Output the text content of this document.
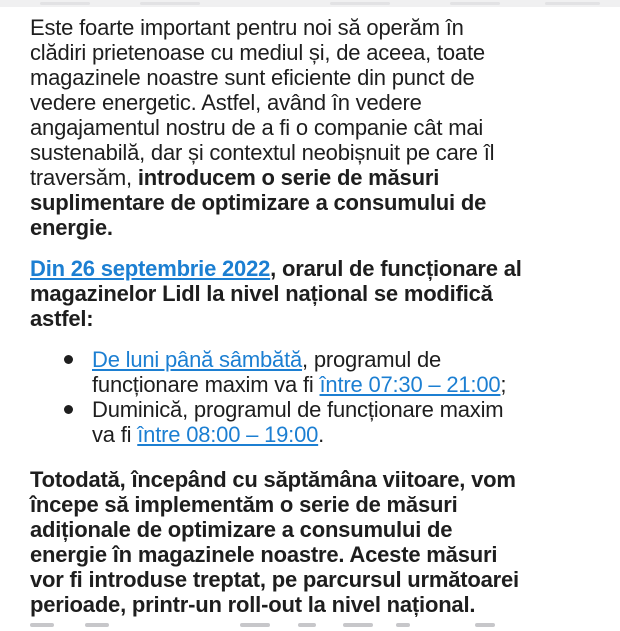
Este foarte important pentru noi să operăm în
clădiri prietenoase cu mediul și, de aceea, toate
magazinele noastre sunt eficiente din punct de
vedere energetic. Astfel, având în vedere
angajamentul nostru de a fi o companie cât mai
sustenabilă, dar și contextul neobișnuit pe care îl
traversăm, introducem o serie de măsuri
suplimentare de optimizare a consumului de
energie.

Din 26 septembrie 2022, orarul de funcționare al
magazinelor Lidl la nivel național se modifică
astfel:

De luni până sâmbătă, programul de
funcționare maxim va fi între 07:30 – 21:00;
Duminică, programul de funcționare maxim
va fi între 08:00 – 19:00.

Totodată, începând cu săptămâna viitoare, vom
începe să implementăm o serie de măsuri
adiționale de optimizare a consumului de
energie în magazinele noastre. Aceste măsuri
vor fi introduse treptat, pe parcursul următoarei
perioade, printr-un roll-out la nivel național.
